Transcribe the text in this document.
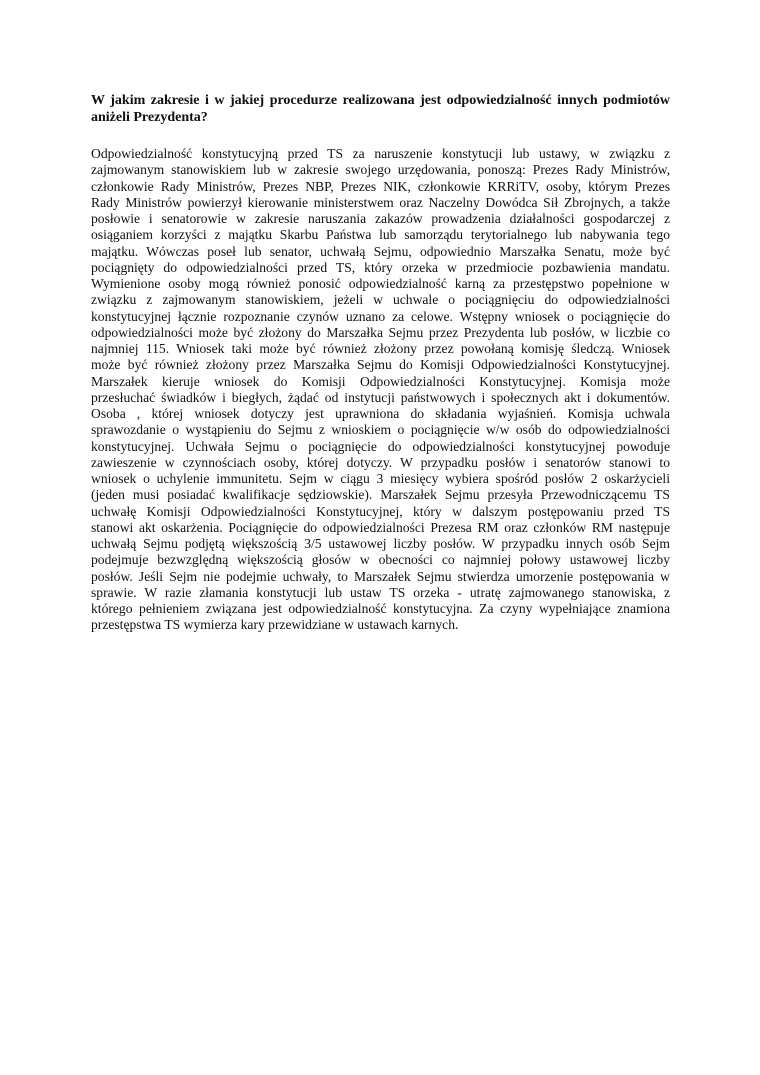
W jakim zakresie i w jakiej procedurze realizowana jest odpowiedzialność innych podmiotów
aniżeli Prezydenta?
Odpowiedzialność konstytucyjną przed TS za naruszenie konstytucji lub ustawy, w związku z
zajmowanym stanowiskiem lub w zakresie swojego urzędowania, ponoszą: Prezes Rady Ministrów,
członkowie Rady Ministrów, Prezes NBP, Prezes NIK, członkowie KRRiTV, osoby, którym Prezes
Rady Ministrów powierzył kierowanie ministerstwem oraz Naczelny Dowódca Sił Zbrojnych, a także
posłowie i senatorowie w zakresie naruszania zakazów prowadzenia działalności gospodarczej z
osiąganiem korzyści z majątku Skarbu Państwa lub samorządu terytorialnego lub nabywania tego
majątku. Wówczas poseł lub senator, uchwałą Sejmu, odpowiednio Marszałka Senatu, może być
pociągnięty do odpowiedzialności przed TS, który orzeka w przedmiocie pozbawienia mandatu.
Wymienione osoby mogą również ponosić odpowiedzialność karną za przestępstwo popełnione w
związku z zajmowanym stanowiskiem, jeżeli w uchwale o pociągnięciu do odpowiedzialności
konstytucyjnej łącznie rozpoznanie czynów uznano za celowe. Wstępny wniosek o pociągnięcie do
odpowiedzialności może być złożony do Marszałka Sejmu przez Prezydenta lub posłów, w liczbie co
najmniej 115. Wniosek taki może być również złożony przez powołaną komisję śledczą. Wniosek
może być również złożony przez Marszałka Sejmu do Komisji Odpowiedzialności Konstytucyjnej.
Marszałek kieruje wniosek do Komisji Odpowiedzialności Konstytucyjnej. Komisja może
przesłuchać świadków i biegłych, żądać od instytucji państwowych i społecznych akt i dokumentów.
Osoba , której wniosek dotyczy jest uprawniona do składania wyjaśnień. Komisja uchwala
sprawozdanie o wystąpieniu do Sejmu z wnioskiem o pociągnięcie w/w osób do odpowiedzialności
konstytucyjnej. Uchwała Sejmu o pociągnięcie do odpowiedzialności konstytucyjnej powoduje
zawieszenie w czynnościach osoby, której dotyczy. W przypadku posłów i senatorów stanowi to
wniosek o uchylenie immunitetu. Sejm w ciągu 3 miesięcy wybiera spośród posłów 2 oskarżycieli
(jeden musi posiadać kwalifikacje sędziowskie). Marszałek Sejmu przesyła Przewodniczącemu TS
uchwałę Komisji Odpowiedzialności Konstytucyjnej, który w dalszym postępowaniu przed TS
stanowi akt oskarżenia. Pociągnięcie do odpowiedzialności Prezesa RM oraz członków RM następuje
uchwałą Sejmu podjętą większością 3/5 ustawowej liczby posłów. W przypadku innych osób Sejm
podejmuje bezwzględną większością głosów w obecności co najmniej połowy ustawowej liczby
posłów. Jeśli Sejm nie podejmie uchwały, to Marszałek Sejmu stwierdza umorzenie postępowania w
sprawie. W razie złamania konstytucji lub ustaw TS orzeka - utratę zajmowanego stanowiska, z
którego pełnieniem związana jest odpowiedzialność konstytucyjna. Za czyny wypełniające znamiona
przestępstwa TS wymierza kary przewidziane w ustawach karnych.
